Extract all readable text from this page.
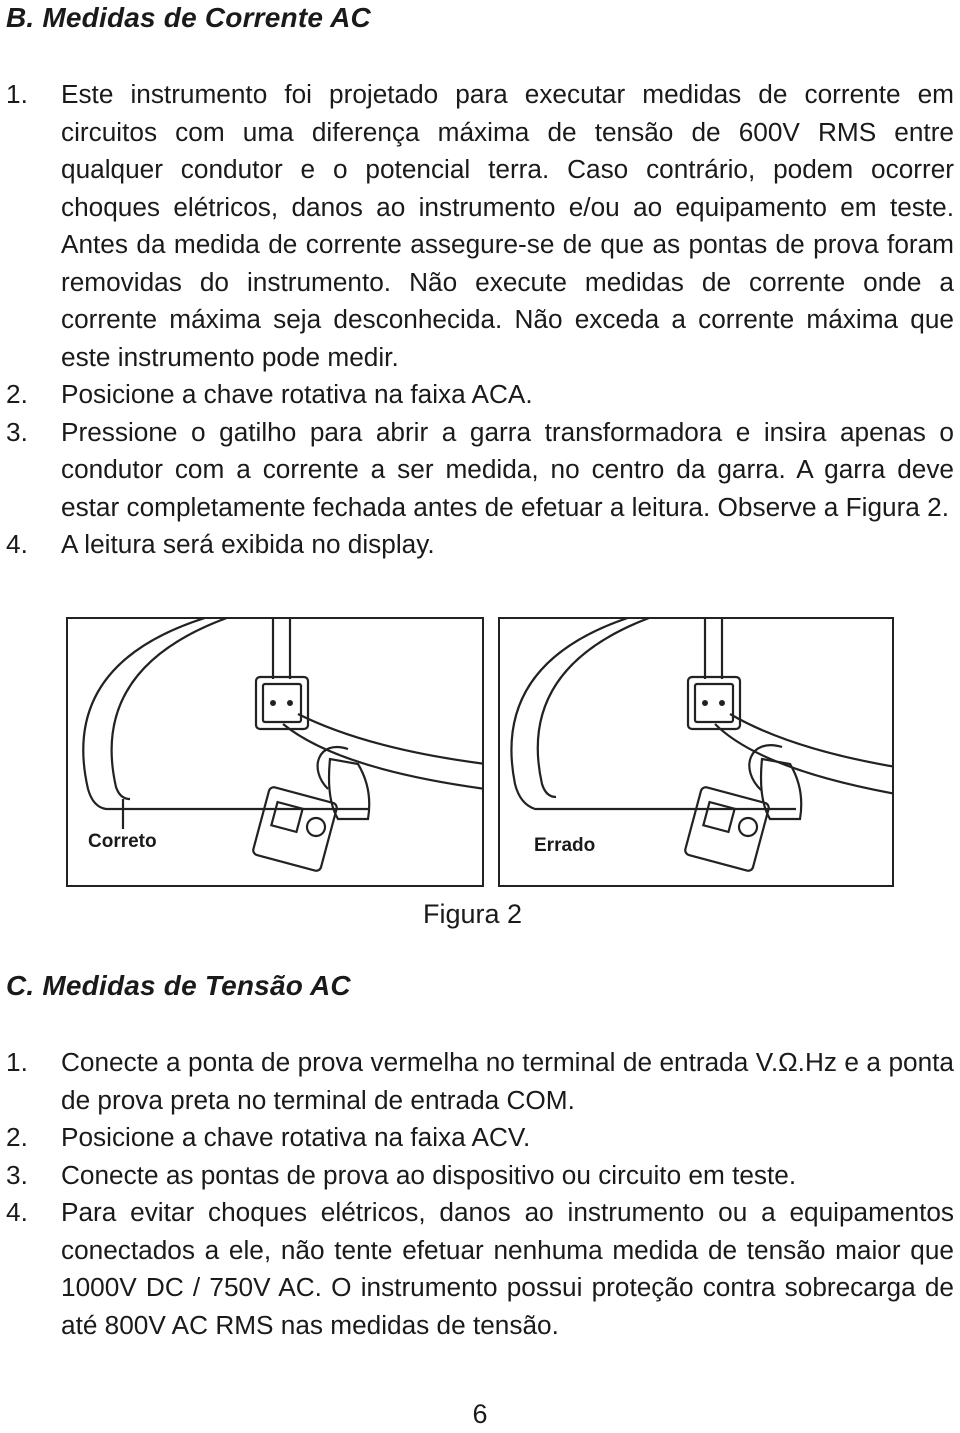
B. Medidas de Corrente AC
1. Este instrumento foi projetado para executar medidas de corrente em circuitos com uma diferença máxima de tensão de 600V RMS entre qualquer condutor e o potencial terra. Caso contrário, podem ocorrer choques elétricos, danos ao instrumento e/ou ao equipamento em teste. Antes da medida de corrente assegure-se de que as pontas de prova foram removidas do instrumento. Não execute medidas de corrente onde a corrente máxima seja desconhecida. Não exceda a corrente máxima que este instrumento pode medir.
2. Posicione a chave rotativa na faixa ACA.
3. Pressione o gatilho para abrir a garra transformadora e insira apenas o condutor com a corrente a ser medida, no centro da garra. A garra deve estar completamente fechada antes de efetuar a leitura. Observe a Figura 2.
4. A leitura será exibida no display.
Correto	Errado
Figura 2
C. Medidas de Tensão AC
1. Conecte a ponta de prova vermelha no terminal de entrada V.Ω.Hz e a ponta de prova preta no terminal de entrada COM.
2. Posicione a chave rotativa na faixa ACV.
3. Conecte as pontas de prova ao dispositivo ou circuito em teste.
4. Para evitar choques elétricos, danos ao instrumento ou a equipamentos conectados a ele, não tente efetuar nenhuma medida de tensão maior que 1000V DC / 750V AC. O instrumento possui proteção contra sobrecarga de até 800V AC RMS nas medidas de tensão.
6
